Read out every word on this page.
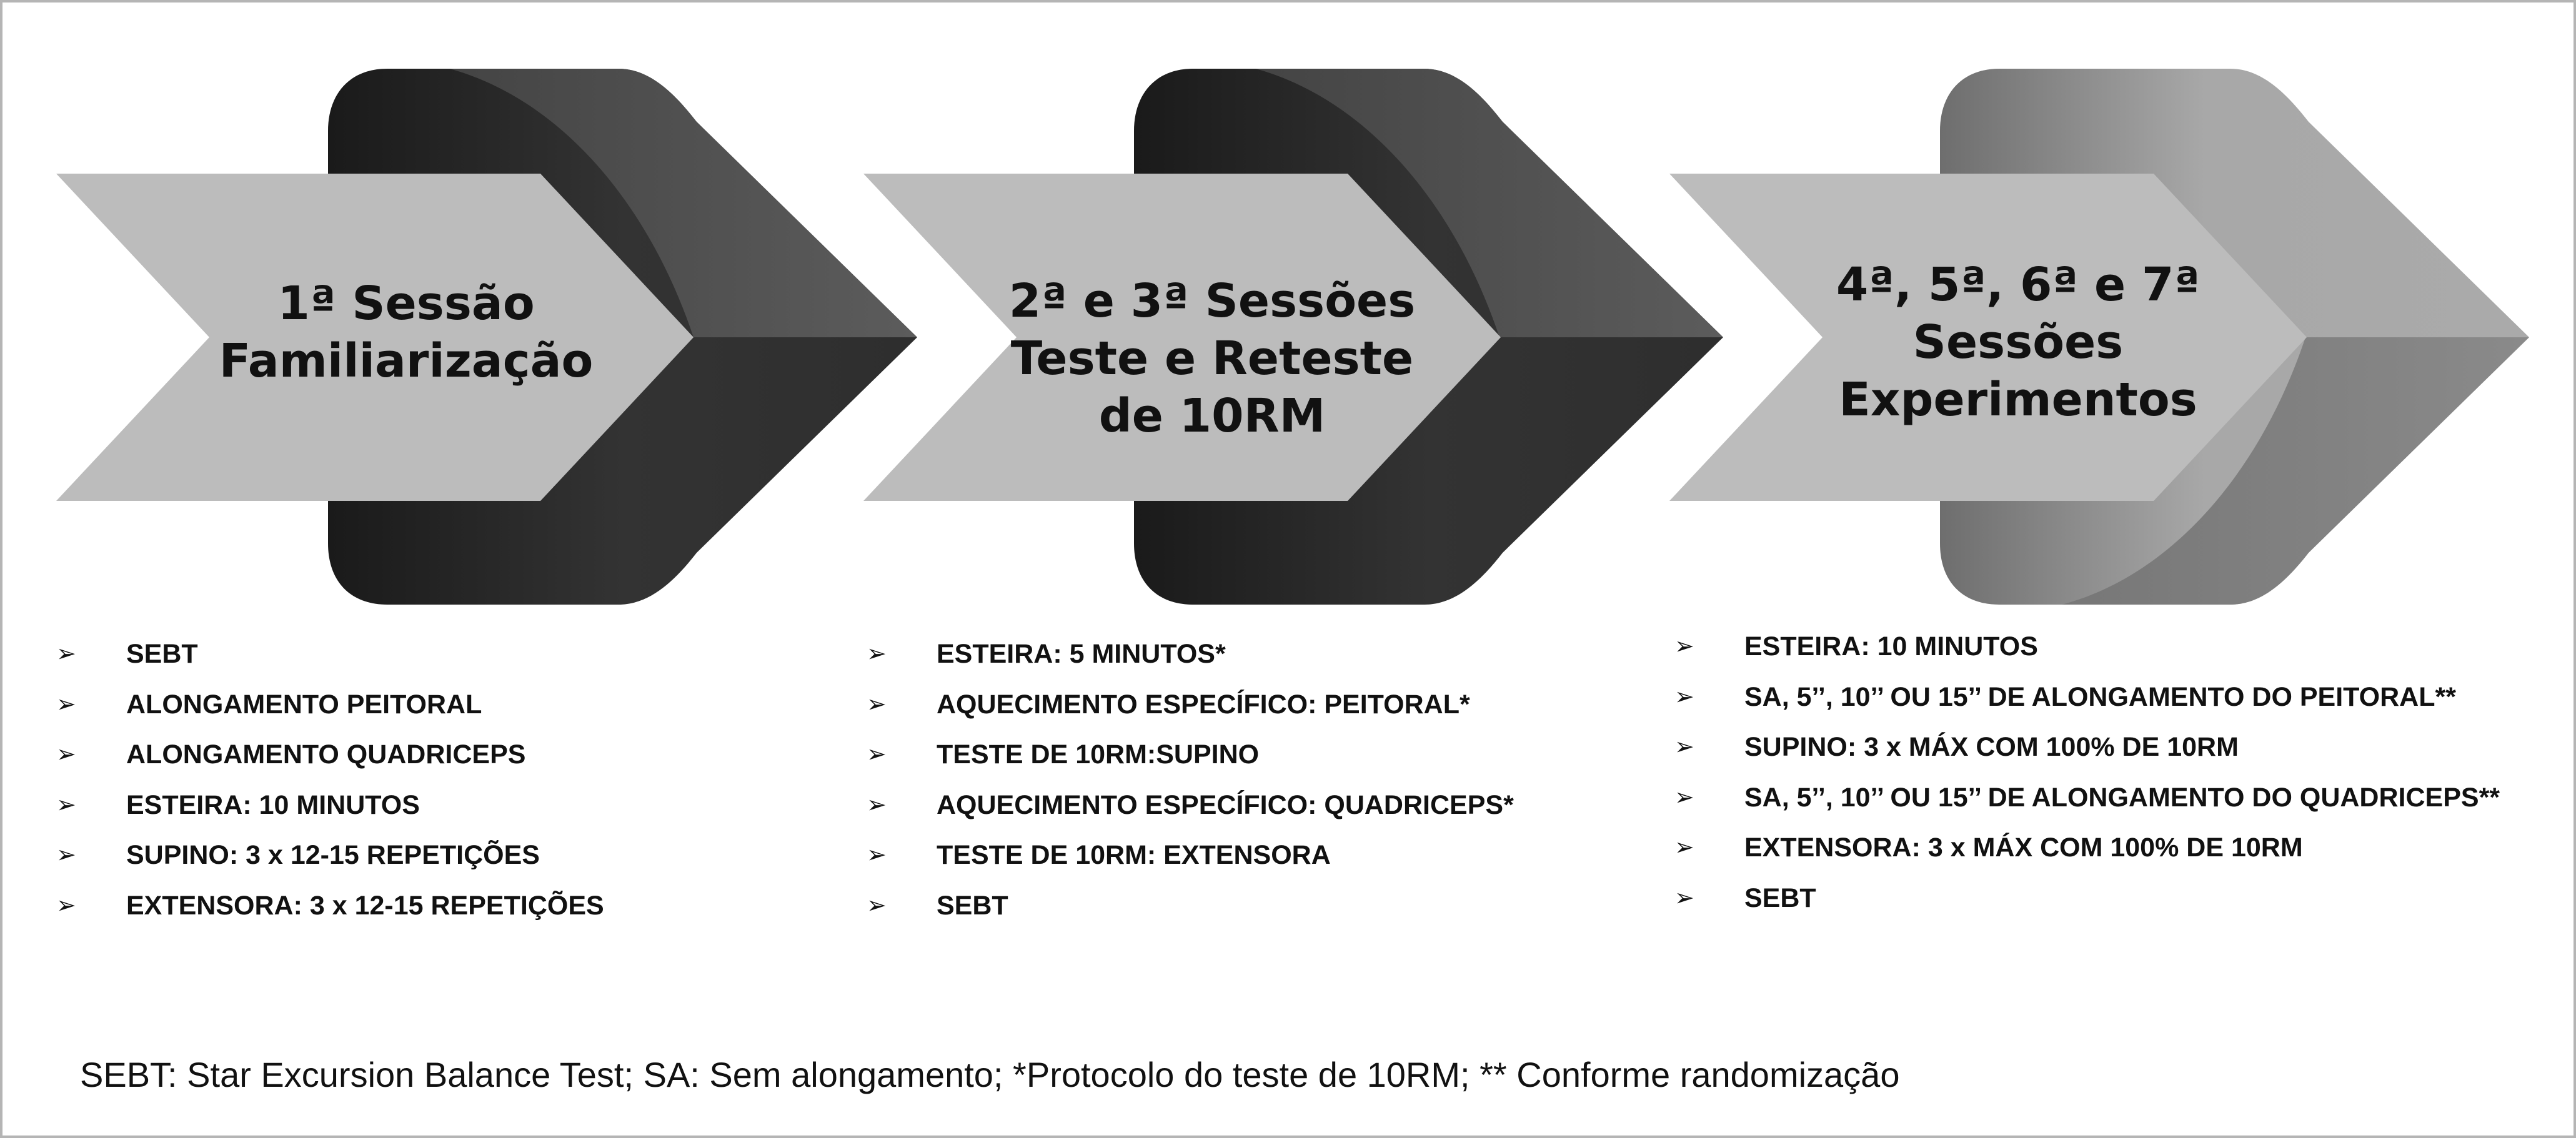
1ª Sessão
Familiarização
2ª e 3ª Sessões
Teste e Reteste
de 10RM
4ª, 5ª, 6ª e 7ª
Sessões
Experimentos
➢ SEBT
➢ ALONGAMENTO PEITORAL
➢ ALONGAMENTO QUADRICEPS
➢ ESTEIRA: 10 MINUTOS
➢ SUPINO: 3 x 12-15 REPETIÇÕES
➢ EXTENSORA: 3 x 12-15 REPETIÇÕES
➢ ESTEIRA: 5 MINUTOS*
➢ AQUECIMENTO ESPECÍFICO: PEITORAL*
➢ TESTE DE 10RM:SUPINO
➢ AQUECIMENTO ESPECÍFICO: QUADRICEPS*
➢ TESTE DE 10RM: EXTENSORA
➢ SEBT
➢ ESTEIRA: 10 MINUTOS
➢ SA, 5’’, 10’’ OU 15’’ DE ALONGAMENTO DO PEITORAL**
➢ SUPINO: 3 x MÁX COM 100% DE 10RM
➢ SA, 5’’, 10’’ OU 15’’ DE ALONGAMENTO DO QUADRICEPS**
➢ EXTENSORA: 3 x MÁX COM 100% DE 10RM
➢ SEBT
SEBT: Star Excursion Balance Test; SA: Sem alongamento; *Protocolo do teste de 10RM; ** Conforme randomização
